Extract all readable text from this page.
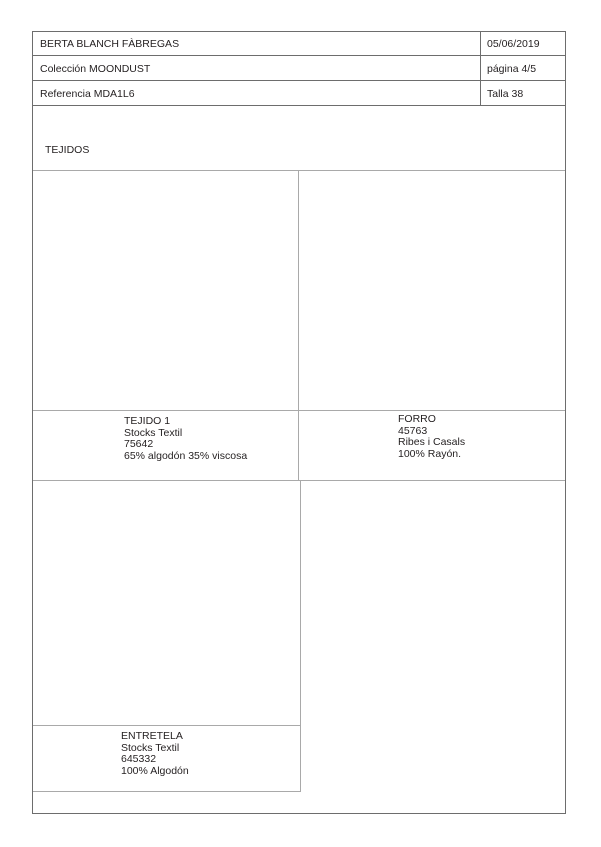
BERTA BLANCH FÀBREGAS	05/06/2019
Colección MOONDUST	página 4/5
Referencia MDA1L6	Talla 38
TEJIDOS
TEJIDO 1
Stocks Textil
75642
65% algodón 35% viscosa
FORRO
45763
Ribes i Casals
100% Rayón.
ENTRETELA
Stocks Textil
645332
100% Algodón
